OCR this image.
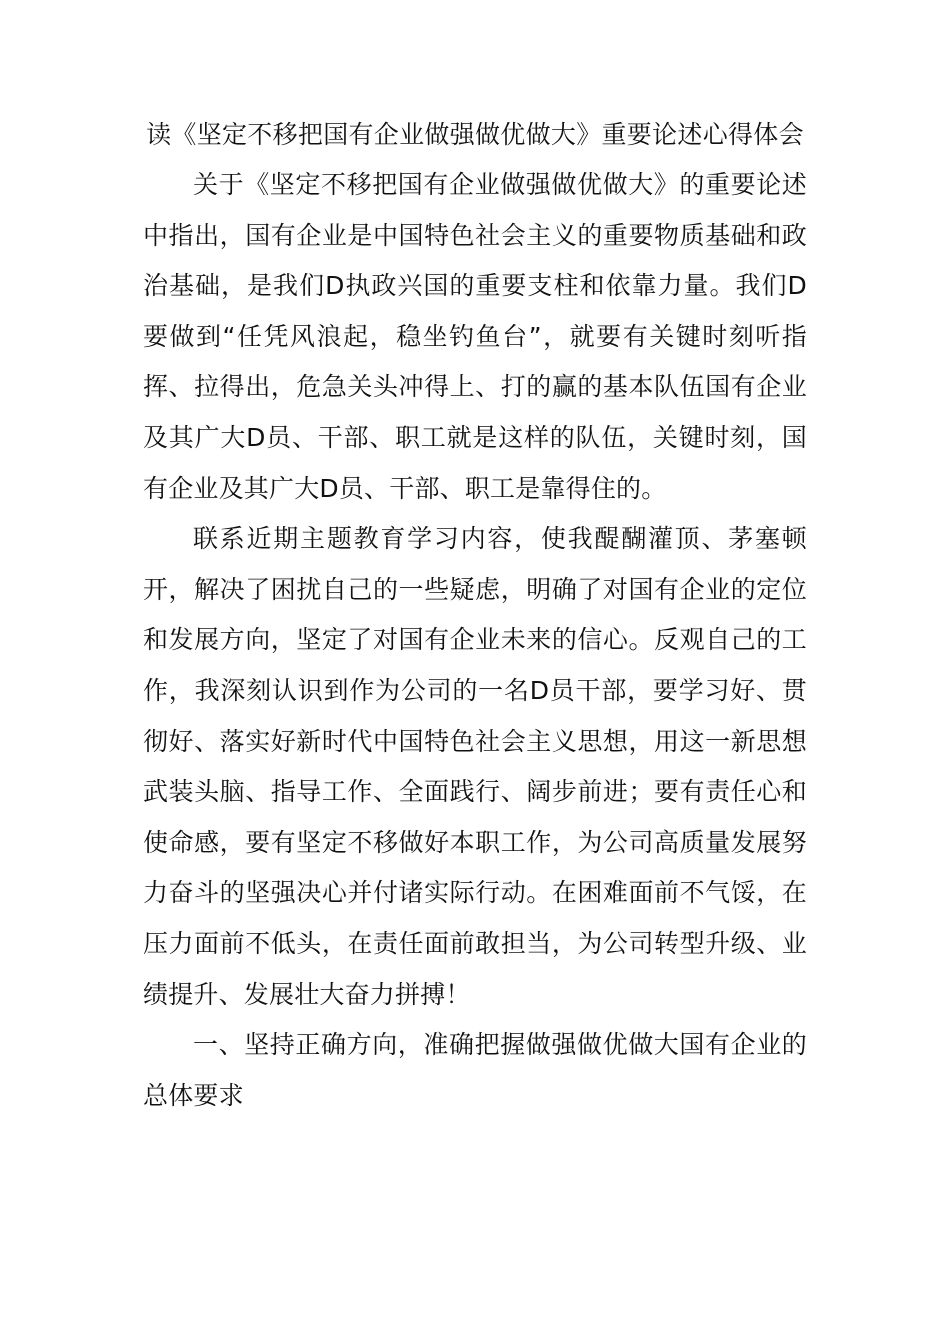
读《坚定不移把国有企业做强做优做大》重要论述心得体会

关于《坚定不移把国有企业做强做优做大》的重要论述中指出，国有企业是中国特色社会主义的重要物质基础和政治基础，是我们D执政兴国的重要支柱和依靠力量。我们D要做到“任凭风浪起，稳坐钓鱼台”，就要有关键时刻听指挥、拉得出，危急关头冲得上、打的赢的基本队伍国有企业及其广大D员、干部、职工就是这样的队伍，关键时刻，国有企业及其广大D员、干部、职工是靠得住的。

联系近期主题教育学习内容，使我醍醐灌顶、茅塞顿开，解决了困扰自己的一些疑虑，明确了对国有企业的定位和发展方向，坚定了对国有企业未来的信心。反观自己的工作，我深刻认识到作为公司的一名D员干部，要学习好、贯彻好、落实好新时代中国特色社会主义思想，用这一新思想武装头脑、指导工作、全面践行、阔步前进；要有责任心和使命感，要有坚定不移做好本职工作，为公司高质量发展努力奋斗的坚强决心并付诸实际行动。在困难面前不气馁，在压力面前不低头，在责任面前敢担当，为公司转型升级、业绩提升、发展壮大奋力拼搏！

一、坚持正确方向，准确把握做强做优做大国有企业的总体要求
